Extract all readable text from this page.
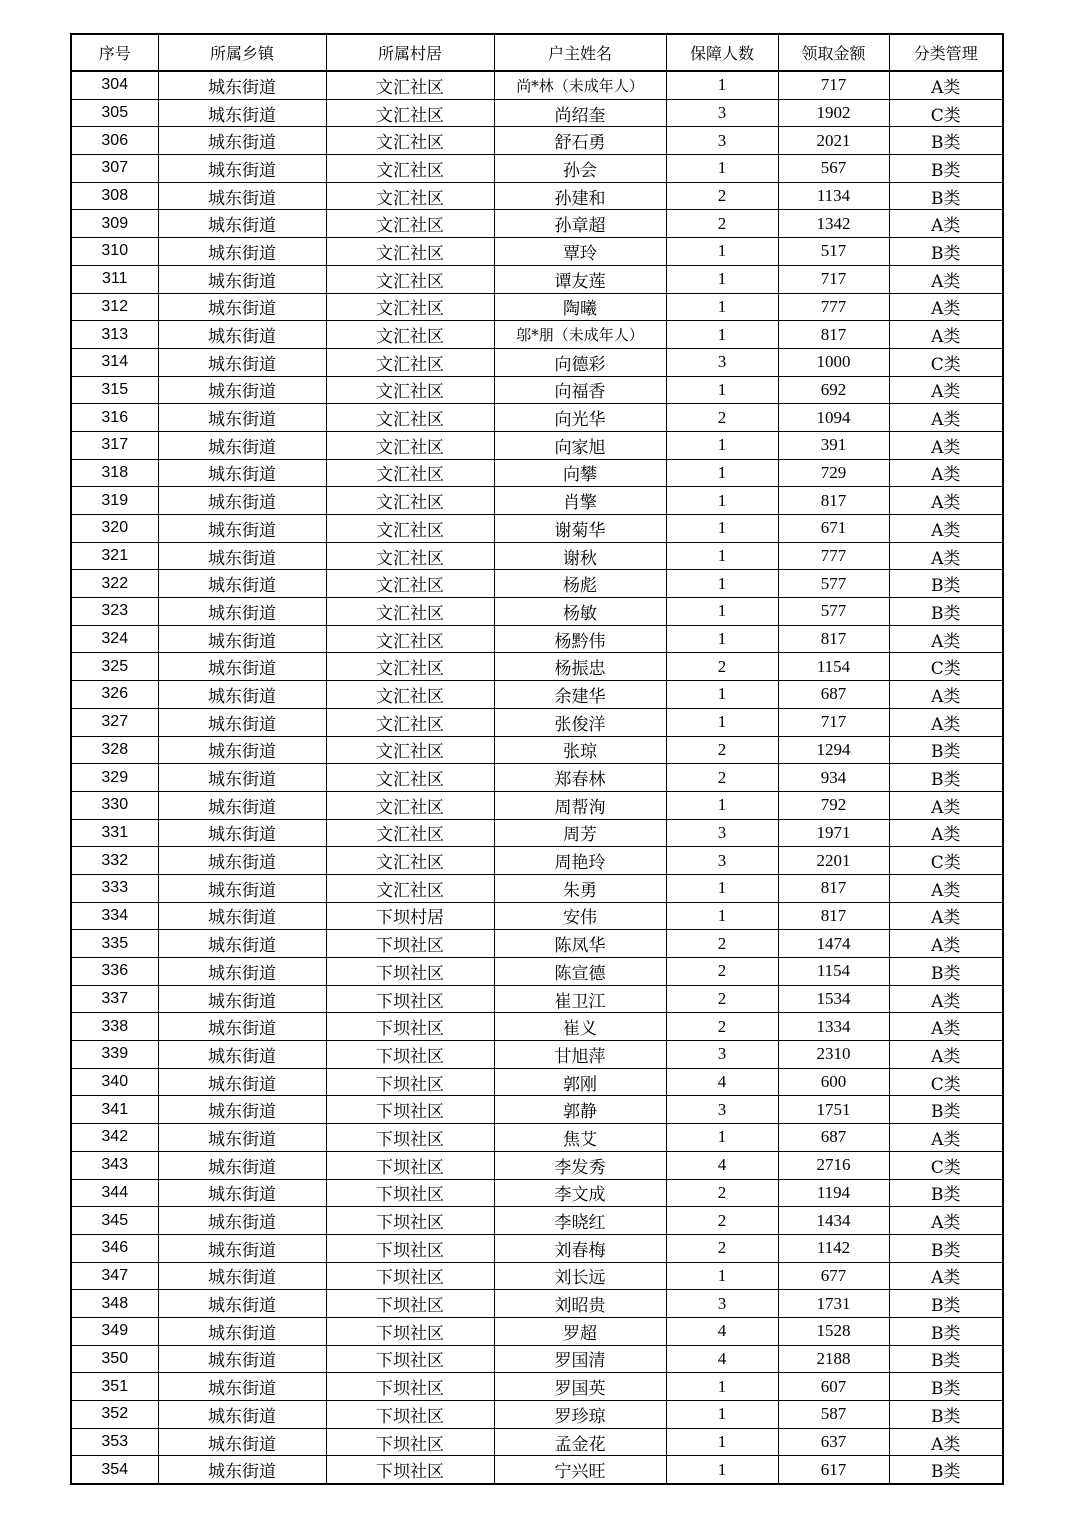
序号	所属乡镇	所属村居	户主姓名	保障人数	领取金额	分类管理
304	城东街道	文汇社区	尚*林（未成年人）	1	717	A类
305	城东街道	文汇社区	尚绍奎	3	1902	C类
306	城东街道	文汇社区	舒石勇	3	2021	B类
307	城东街道	文汇社区	孙会	1	567	B类
308	城东街道	文汇社区	孙建和	2	1134	B类
309	城东街道	文汇社区	孙章超	2	1342	A类
310	城东街道	文汇社区	覃玲	1	517	B类
311	城东街道	文汇社区	谭友莲	1	717	A类
312	城东街道	文汇社区	陶曦	1	777	A类
313	城东街道	文汇社区	邬*朋（未成年人）	1	817	A类
314	城东街道	文汇社区	向德彩	3	1000	C类
315	城东街道	文汇社区	向福香	1	692	A类
316	城东街道	文汇社区	向光华	2	1094	A类
317	城东街道	文汇社区	向家旭	1	391	A类
318	城东街道	文汇社区	向攀	1	729	A类
319	城东街道	文汇社区	肖擎	1	817	A类
320	城东街道	文汇社区	谢菊华	1	671	A类
321	城东街道	文汇社区	谢秋	1	777	A类
322	城东街道	文汇社区	杨彪	1	577	B类
323	城东街道	文汇社区	杨敏	1	577	B类
324	城东街道	文汇社区	杨黔伟	1	817	A类
325	城东街道	文汇社区	杨振忠	2	1154	C类
326	城东街道	文汇社区	余建华	1	687	A类
327	城东街道	文汇社区	张俊洋	1	717	A类
328	城东街道	文汇社区	张琼	2	1294	B类
329	城东街道	文汇社区	郑春林	2	934	B类
330	城东街道	文汇社区	周帮洵	1	792	A类
331	城东街道	文汇社区	周芳	3	1971	A类
332	城东街道	文汇社区	周艳玲	3	2201	C类
333	城东街道	文汇社区	朱勇	1	817	A类
334	城东街道	下坝村居	安伟	1	817	A类
335	城东街道	下坝社区	陈凤华	2	1474	A类
336	城东街道	下坝社区	陈宣德	2	1154	B类
337	城东街道	下坝社区	崔卫江	2	1534	A类
338	城东街道	下坝社区	崔义	2	1334	A类
339	城东街道	下坝社区	甘旭萍	3	2310	A类
340	城东街道	下坝社区	郭刚	4	600	C类
341	城东街道	下坝社区	郭静	3	1751	B类
342	城东街道	下坝社区	焦艾	1	687	A类
343	城东街道	下坝社区	李发秀	4	2716	C类
344	城东街道	下坝社区	李文成	2	1194	B类
345	城东街道	下坝社区	李晓红	2	1434	A类
346	城东街道	下坝社区	刘春梅	2	1142	B类
347	城东街道	下坝社区	刘长远	1	677	A类
348	城东街道	下坝社区	刘昭贵	3	1731	B类
349	城东街道	下坝社区	罗超	4	1528	B类
350	城东街道	下坝社区	罗国清	4	2188	B类
351	城东街道	下坝社区	罗国英	1	607	B类
352	城东街道	下坝社区	罗珍琼	1	587	B类
353	城东街道	下坝社区	孟金花	1	637	A类
354	城东街道	下坝社区	宁兴旺	1	617	B类
